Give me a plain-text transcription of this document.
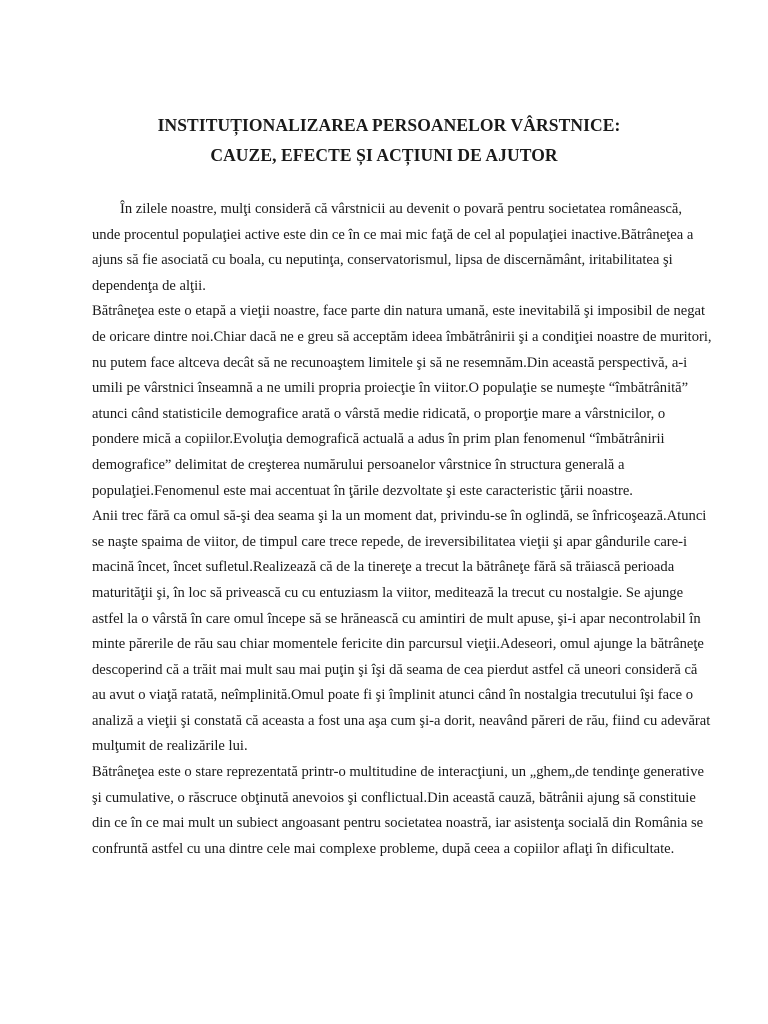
INSTITUȚIONALIZAREA PERSOANELOR VÂRSTNICE:
CAUZE, EFECTE ȘI ACȚIUNI DE AJUTOR
În zilele noastre, mulţi consideră că vârstnicii au devenit o povară pentru societatea românească,
unde procentul populaţiei active este din ce în ce mai mic faţă de cel al populaţiei inactive.Bătrâneţea a
ajuns să fie asociată cu boala, cu neputinţa, conservatorismul, lipsa de discernământ, iritabilitatea şi
dependenţa de alţii.
Bătrâneţea este o etapă a vieţii noastre, face parte din natura umană, este inevitabilă şi imposibil de negat
de oricare dintre noi.Chiar dacă ne e greu să acceptăm ideea îmbătrânirii şi a condiţiei noastre de muritori,
nu putem face altceva decât să ne recunoaştem limitele şi să ne resemnăm.Din această perspectivă, a-i
umili pe vârstnici înseamnă a ne umili propria proiecţie în viitor.O populaţie se numeşte “îmbătrânită”
atunci când statisticile demografice arată o vârstă medie ridicată, o proporţie mare a vârstnicilor, o
pondere mică a copiilor.Evoluţia demografică actuală a adus în prim plan fenomenul “îmbătrânirii
demografice” delimitat de creşterea numărului persoanelor vârstnice în structura generală a
populaţiei.Fenomenul este mai accentuat în ţările dezvoltate şi este caracteristic ţării noastre.
Anii trec fără ca omul să-şi dea seama şi la un moment dat, privindu-se în oglindă, se înfricoşează.Atunci
se naşte spaima de viitor, de timpul care trece repede, de ireversibilitatea vieţii şi apar gândurile care-i
macină încet, încet sufletul.Realizează că de la tinereţe a trecut la bătrâneţe fără să trăiască perioada
maturităţii şi, în loc să privească cu cu entuziasm la viitor, meditează la trecut cu nostalgie. Se ajunge
astfel la o vârstă în care omul începe să se hrănească cu amintiri de mult apuse, şi-i apar necontrolabil în
minte părerile de rău sau chiar momentele fericite din parcursul vieţii.Adeseori, omul ajunge la bătrâneţe
descoperind că a trăit mai mult sau mai puţin şi îşi dă seama de cea pierdut astfel că uneori consideră că
au avut o viaţă ratată, neîmplinită.Omul poate fi şi împlinit atunci când în nostalgia trecutului îşi face o
analiză a vieţii şi constată că aceasta a fost una aşa cum şi-a dorit, neavând păreri de rău, fiind cu adevărat
mulţumit de realizările lui.
Bătrâneţea este o stare reprezentată printr-o multitudine de interacţiuni, un „ghem„de tendinţe generative
şi cumulative, o răscruce obţinută anevoios şi conflictual.Din această cauză, bătrânii ajung să constituie
din ce în ce mai mult un subiect angoasant pentru societatea noastră, iar asistenţa socială din România se
confruntă astfel cu una dintre cele mai complexe probleme, după ceea a copiilor aflaţi în dificultate.
